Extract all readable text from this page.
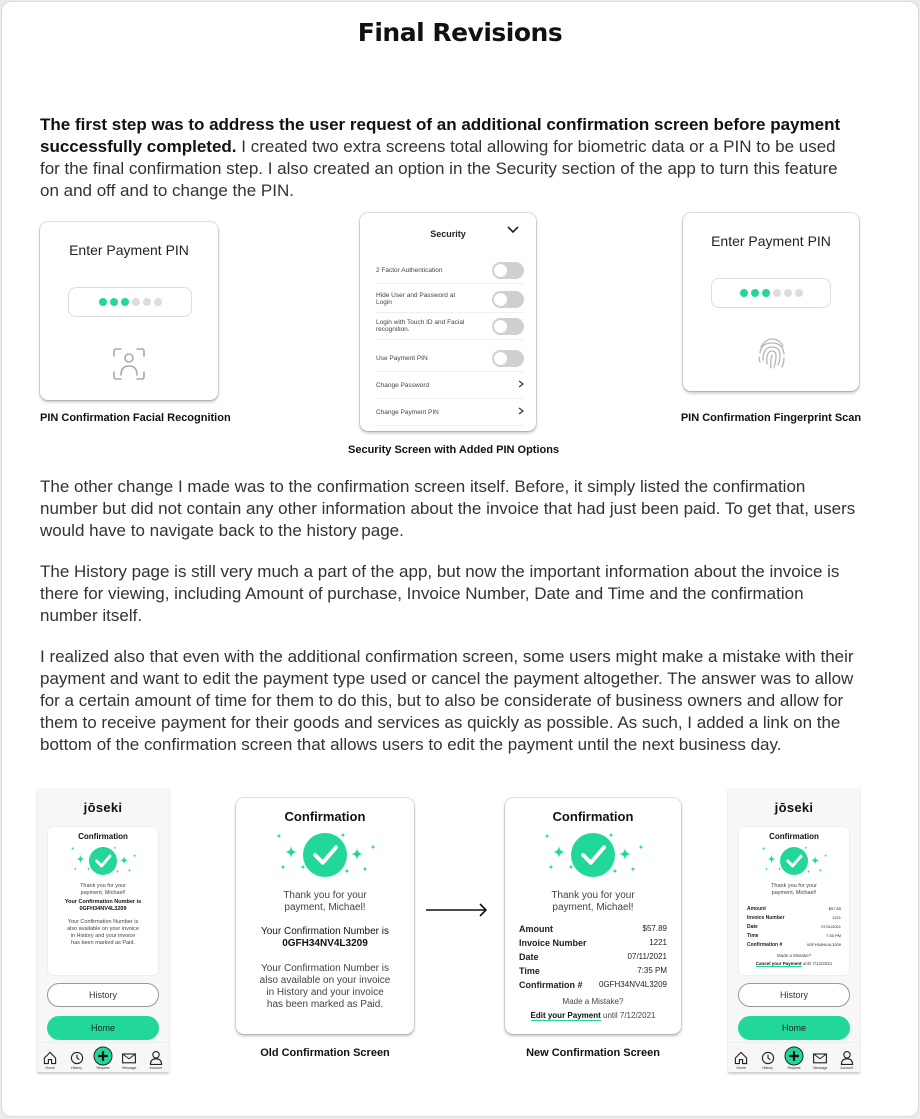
Final Revisions

The first step was to address the user request of an additional confirmation screen before payment successfully completed. I created two extra screens total allowing for biometric data or a PIN to be used for the final confirmation step. I also created an option in the Security section of the app to turn this feature on and off and to change the PIN.

Enter Payment PIN
PIN Confirmation Facial Recognition
Security
2 Factor Authentication
Hide User and Password at Login
Login with Touch ID and Facial recognition.
Use Payment PIN
Change Password
Change Payment PIN
Security Screen with Added PIN Options
Enter Payment PIN
PIN Confirmation Fingerprint Scan

The other change I made was to the confirmation screen itself. Before, it simply listed the confirmation number but did not contain any other information about the invoice that had just been paid. To get that, users would have to navigate back to the history page.

The History page is still very much a part of the app, but now the important information about the invoice is there for viewing, including Amount of purchase, Invoice Number, Date and Time and the confirmation number itself.

I realized also that even with the additional confirmation screen, some users might make a mistake with their payment and want to edit the payment type used or cancel the payment altogether. The answer was to allow for a certain amount of time for them to do this, but to also be considerate of business owners and allow for them to receive payment for their goods and services as quickly as possible. As such, I added a link on the bottom of the confirmation screen that allows users to edit the payment until the next business day.

jōseki
Confirmation
Thank you for your payment, Michael!
Your Confirmation Number is 0GFH34NV4L3209
Your Confirmation Number is also available on your invoice in History and your invoice has been marked as Paid.
History
Home
Home	History	Request	Message	Account
Confirmation
Thank you for your payment, Michael!
Your Confirmation Number is 0GFH34NV4L3209
Your Confirmation Number is also available on your invoice in History and your invoice has been marked as Paid.
Old Confirmation Screen
Confirmation
Thank you for your payment, Michael!
Amount	$57.89
Invoice Number	1221
Date	07/11/2021
Time	7:35 PM
Confirmation # 0GFH34NV4L3209
Made a Mistake?
Edit your Payment until 7/12/2021
New Confirmation Screen
jōseki
Confirmation
Thank you for your payment, Michael!
Amount	$57.89
Invoice Number	1221
Date	07/11/2021
Time	7:35 PM
Confirmation #	0GFH34NV4L3209
Made a Mistake?
Cancel your Payment until 7/12/2021
History
Home
Home	History	Request	Message	Account
